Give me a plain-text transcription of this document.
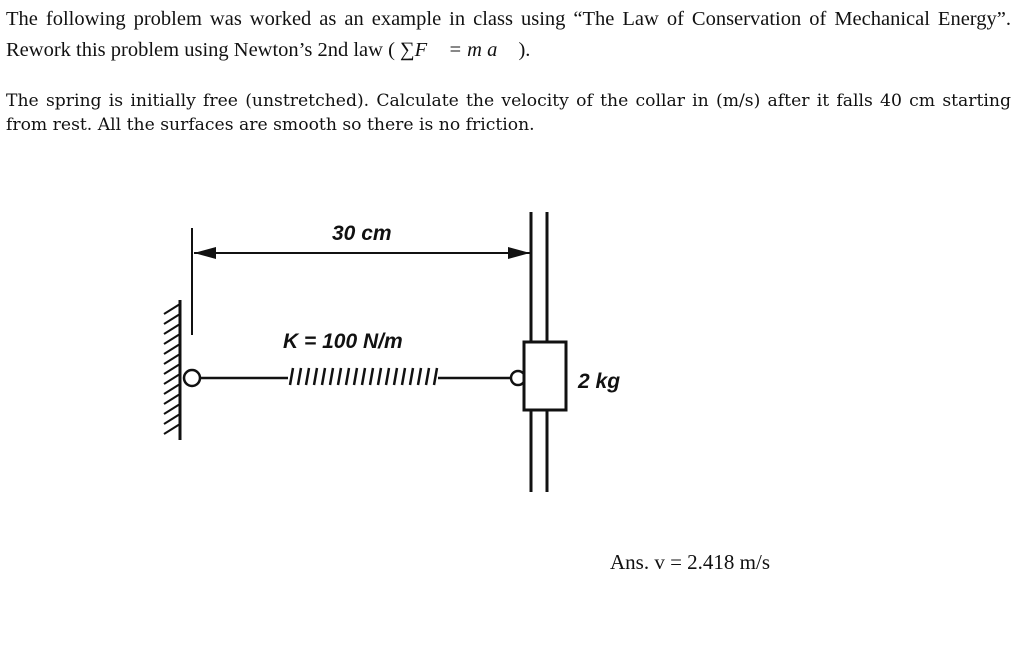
The following problem was worked as an example in class using “The Law of Conservation of Mechanical Energy”. Rework this problem using Newton’s 2nd law ( ∑F⃗ = m a⃗ ).

The spring is initially free (unstretched). Calculate the velocity of the collar in (m/s) after it falls 40 cm starting from rest. All the surfaces are smooth so there is no friction.

30 cm
K = 100 N/m
2 kg

Ans. v = 2.418 m/s
